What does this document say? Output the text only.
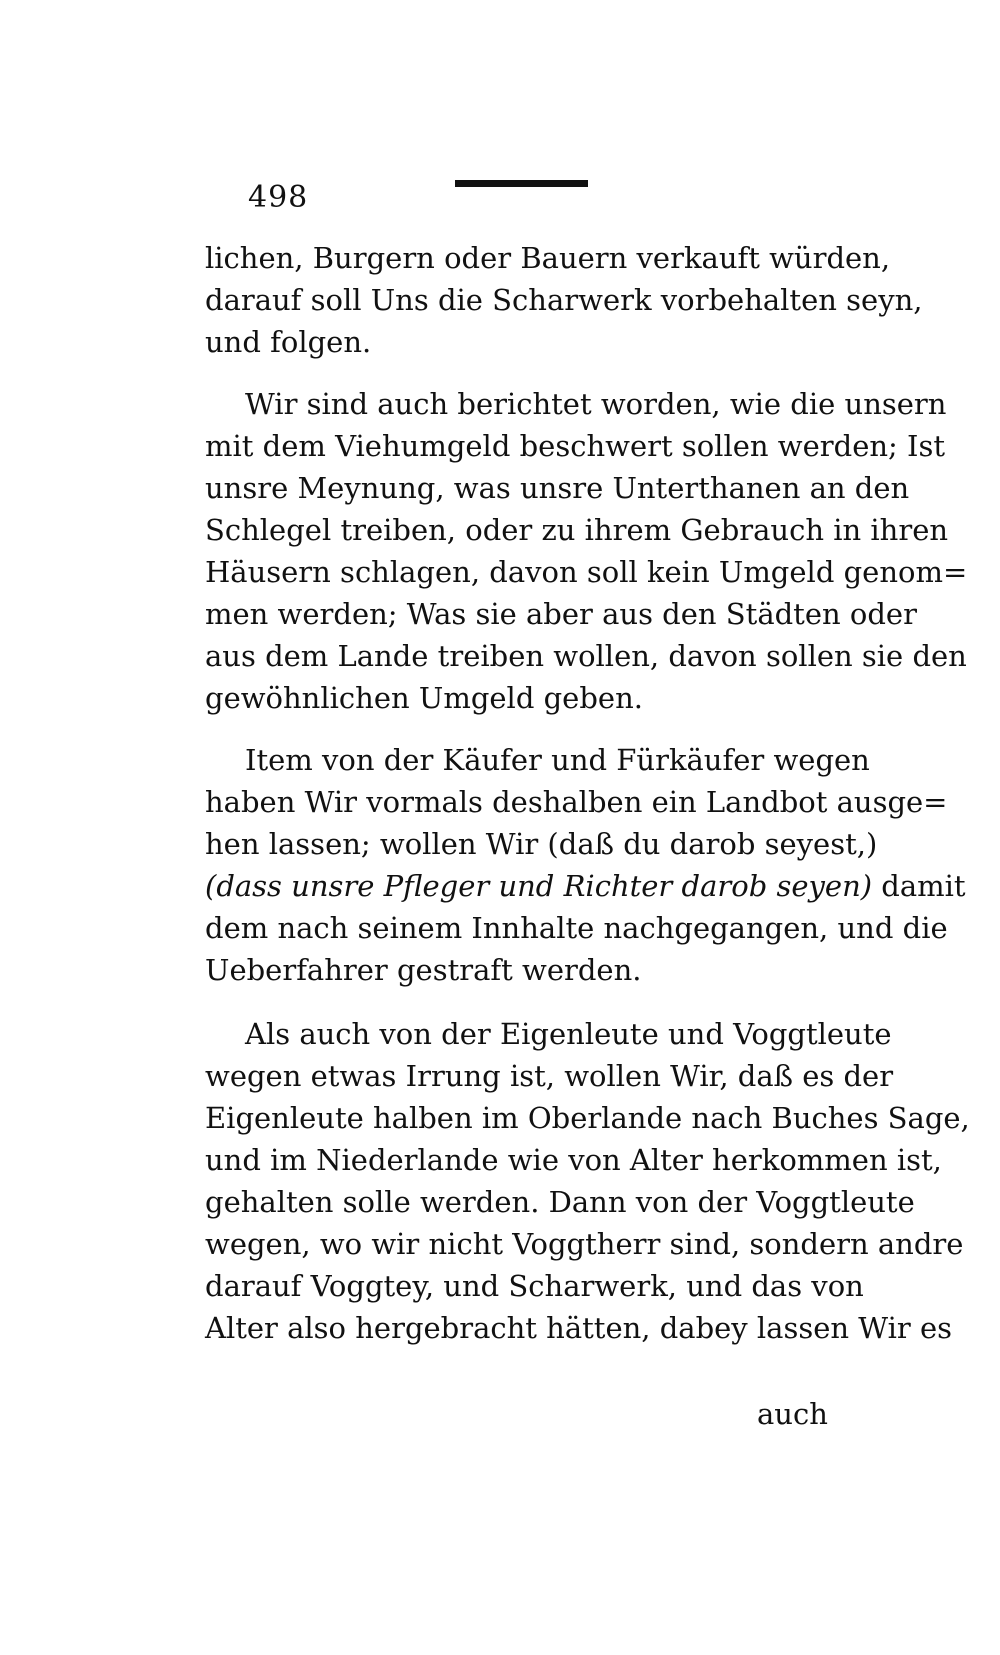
498
lichen, Burgern oder Bauern verkauft würden,
darauf soll Uns die Scharwerk vorbehalten seyn,
und folgen.
Wir sind auch berichtet worden, wie die unsern
mit dem Viehumgeld beschwert sollen werden; Ist
unsre Meynung, was unsre Unterthanen an den
Schlegel treiben, oder zu ihrem Gebrauch in ihren
Häusern schlagen, davon soll kein Umgeld genom=
men werden; Was sie aber aus den Städten oder
aus dem Lande treiben wollen, davon sollen sie den
gewöhnlichen Umgeld geben.
Item von der Käufer und Fürkäufer wegen
haben Wir vormals deshalben ein Landbot ausge=
hen lassen; wollen Wir (daß du darob seyest,)
(dass unsre Pfleger und Richter darob seyen) damit
dem nach seinem Innhalte nachgegangen, und die
Ueberfahrer gestraft werden.
Als auch von der Eigenleute und Voggtleute
wegen etwas Irrung ist, wollen Wir, daß es der
Eigenleute halben im Oberlande nach Buches Sage,
und im Niederlande wie von Alter herkommen ist,
gehalten solle werden. Dann von der Voggtleute
wegen, wo wir nicht Voggtherr sind, sondern andre
darauf Voggtey, und Scharwerk, und das von
Alter also hergebracht hätten, dabey lassen Wir es
auch
